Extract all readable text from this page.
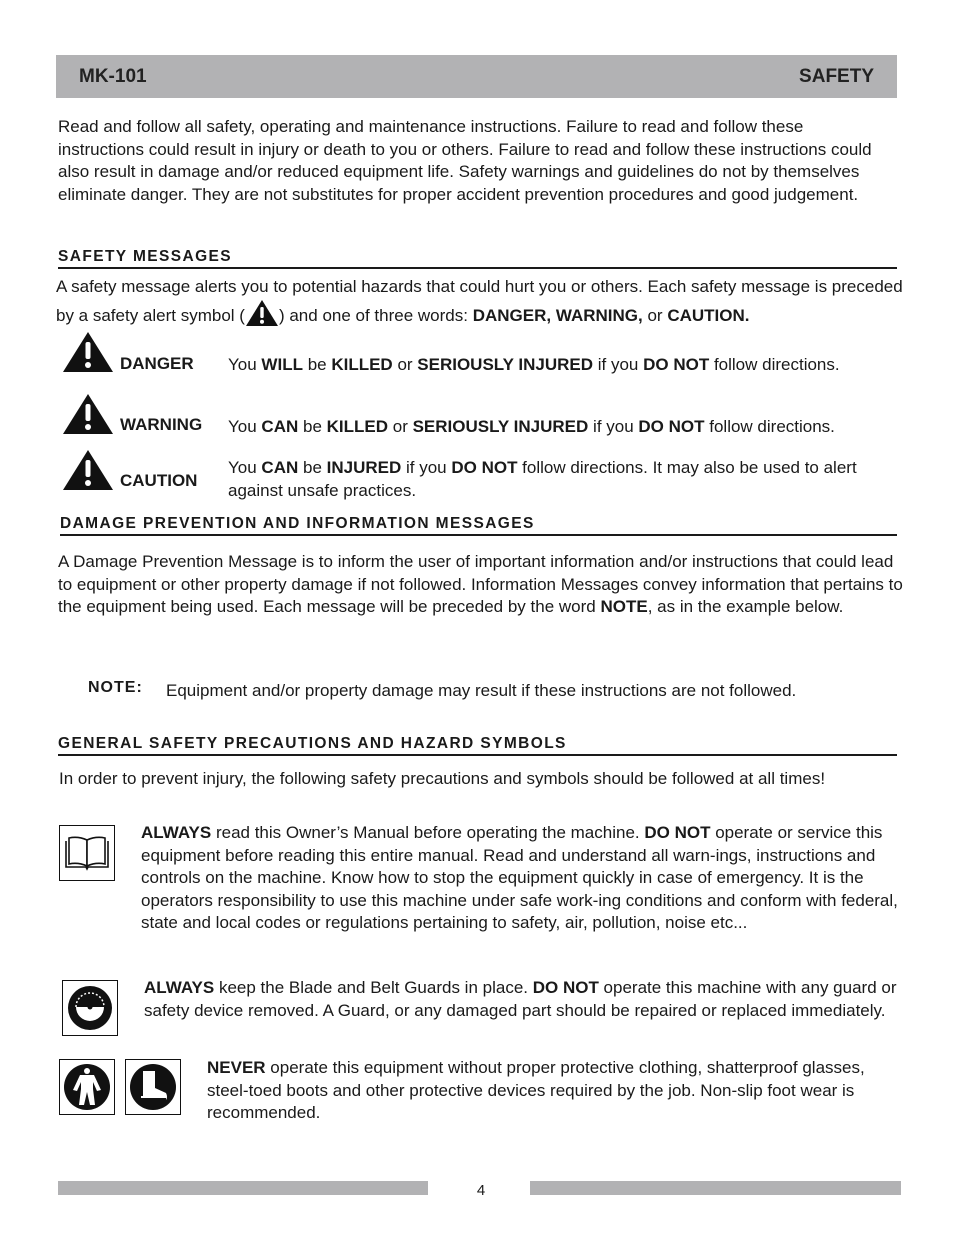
MK-101	SAFETY
Read and follow all safety, operating and maintenance instructions. Failure to read and follow these instructions could result in injury or death to you or others. Failure to read and follow these instructions could also result in damage and/or reduced equipment life. Safety warnings and guidelines do not by themselves eliminate danger. They are not substitutes for proper accident prevention procedures and good judgement.
SAFETY MESSAGES
A safety message alerts you to potential hazards that could hurt you or others. Each safety message is preceded by a safety alert symbol ( ) and one of three words: DANGER, WARNING, or CAUTION.
DANGER You WILL be KILLED or SERIOUSLY INJURED if you DO NOT follow directions.
WARNING You CAN be KILLED or SERIOUSLY INJURED if you DO NOT follow directions.
CAUTION
You CAN be INJURED if you DO NOT follow directions. It may also be used to alert against unsafe practices.
DAMAGE PREVENTION AND INFORMATION MESSAGES
A Damage Prevention Message is to inform the user of important information and/or instructions that could lead to equipment or other property damage if not followed. Information Messages convey information that pertains to the equipment being used. Each message will be preceded by the word NOTE, as in the example below.
NOTE: Equipment and/or property damage may result if these instructions are not followed.
GENERAL SAFETY PRECAUTIONS AND HAZARD SYMBOLS
In order to prevent injury, the following safety precautions and symbols should be followed at all times!
ALWAYS read this Owner’s Manual before operating the machine. DO NOT operate or service this equipment before reading this entire manual. Read and understand all warn-ings, instructions and controls on the machine. Know how to stop the equipment quickly in case of emergency. It is the operators responsibility to use this machine under safe work-ing conditions and conform with federal, state and local codes or regulations pertaining to safety, air, pollution, noise etc...
ALWAYS keep the Blade and Belt Guards in place. DO NOT operate this machine with any guard or safety device removed. A Guard, or any damaged part should be repaired or replaced immediately.
NEVER operate this equipment without proper protective clothing, shatterproof glasses, steel-toed boots and other protective devices required by the job. Non-slip foot wear is recommended.
4
